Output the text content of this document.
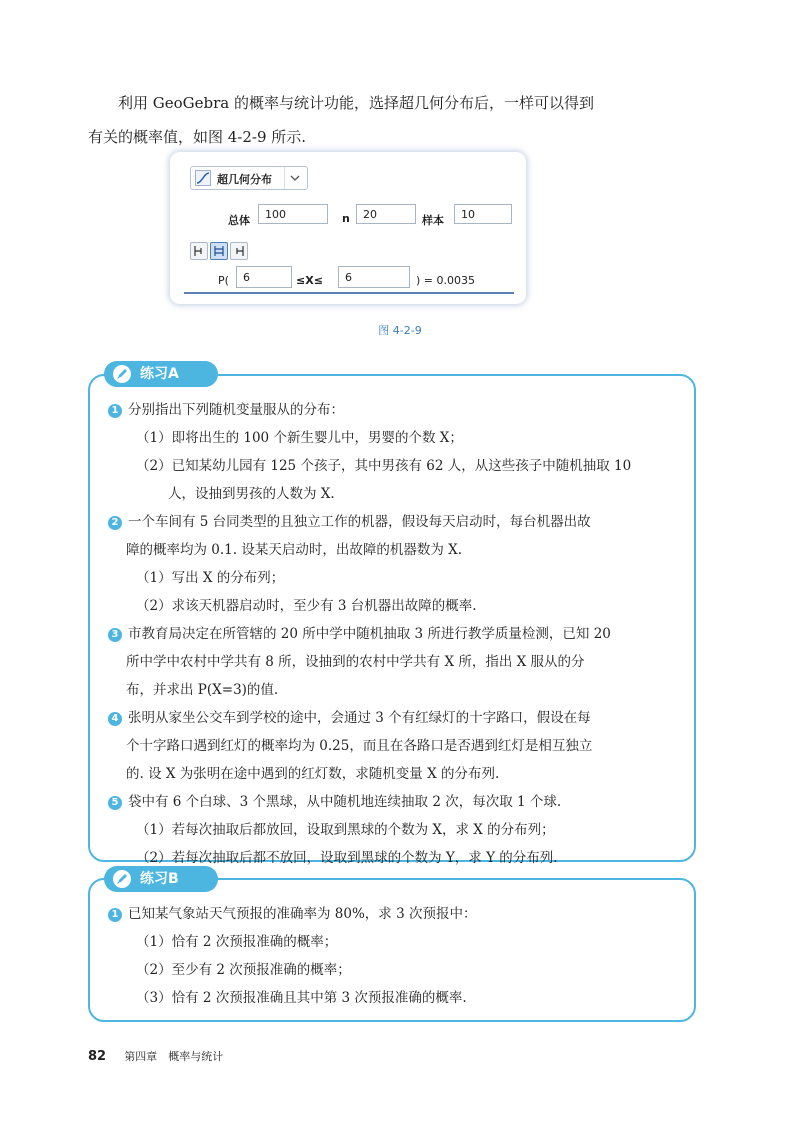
利用 GeoGebra 的概率与统计功能，选择超几何分布后，一样可以得到
有关的概率值，如图 4-2-9 所示.
超几何分布
总体	100	n	20	样本	10
P(	6	≤X≤	6	) = 0.0035
图 4-2-9
练习A
1 分别指出下列随机变量服从的分布：
（1）即将出生的 100 个新生婴儿中，男婴的个数 X；
（2）已知某幼儿园有 125 个孩子，其中男孩有 62 人，从这些孩子中随机抽取 10
人，设抽到男孩的人数为 X.
2 一个车间有 5 台同类型的且独立工作的机器，假设每天启动时，每台机器出故
障的概率均为 0.1. 设某天启动时，出故障的机器数为 X.
（1）写出 X 的分布列；
（2）求该天机器启动时，至少有 3 台机器出故障的概率.
3 市教育局决定在所管辖的 20 所中学中随机抽取 3 所进行教学质量检测，已知 20
所中学中农村中学共有 8 所，设抽到的农村中学共有 X 所，指出 X 服从的分
布，并求出 P(X=3)的值.
4 张明从家坐公交车到学校的途中，会通过 3 个有红绿灯的十字路口，假设在每
个十字路口遇到红灯的概率均为 0.25，而且在各路口是否遇到红灯是相互独立
的. 设 X 为张明在途中遇到的红灯数，求随机变量 X 的分布列.
5 袋中有 6 个白球、3 个黑球，从中随机地连续抽取 2 次，每次取 1 个球.
（1）若每次抽取后都放回，设取到黑球的个数为 X，求 X 的分布列；
（2）若每次抽取后都不放回，设取到黑球的个数为 Y，求 Y 的分布列.
练习B
1 已知某气象站天气预报的准确率为 80%，求 3 次预报中：
（1）恰有 2 次预报准确的概率；
（2）至少有 2 次预报准确的概率；
（3）恰有 2 次预报准确且其中第 3 次预报准确的概率.
82 第四章　概率与统计
